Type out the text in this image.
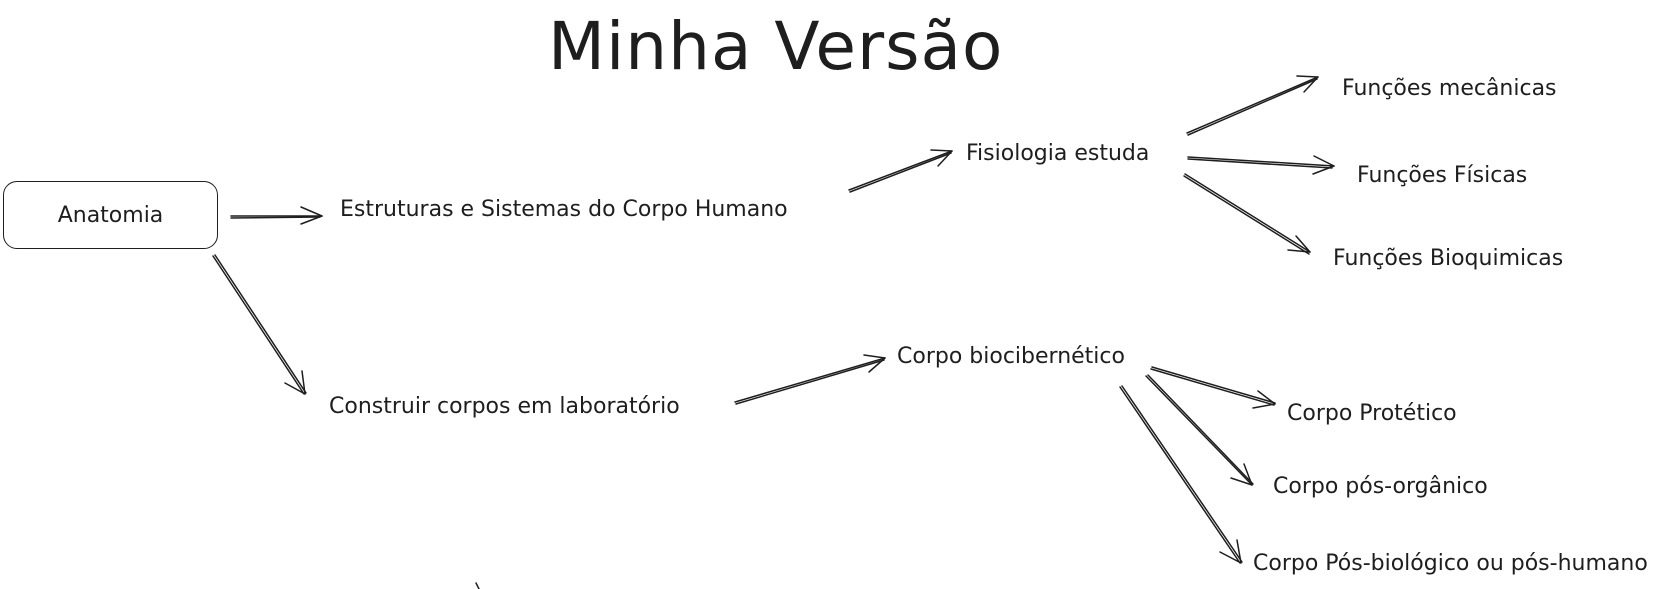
Minha Versão
Anatomia	Estruturas e Sistemas do Corpo Humano
Fisiologia estuda
Funções mecânicas
Funções Físicas
Funções Bioquimicas
Construir corpos em laboratório
Corpo biocibernético
Corpo Protético
Corpo pós-orgânico
Corpo Pós-biológico ou pós-humano
